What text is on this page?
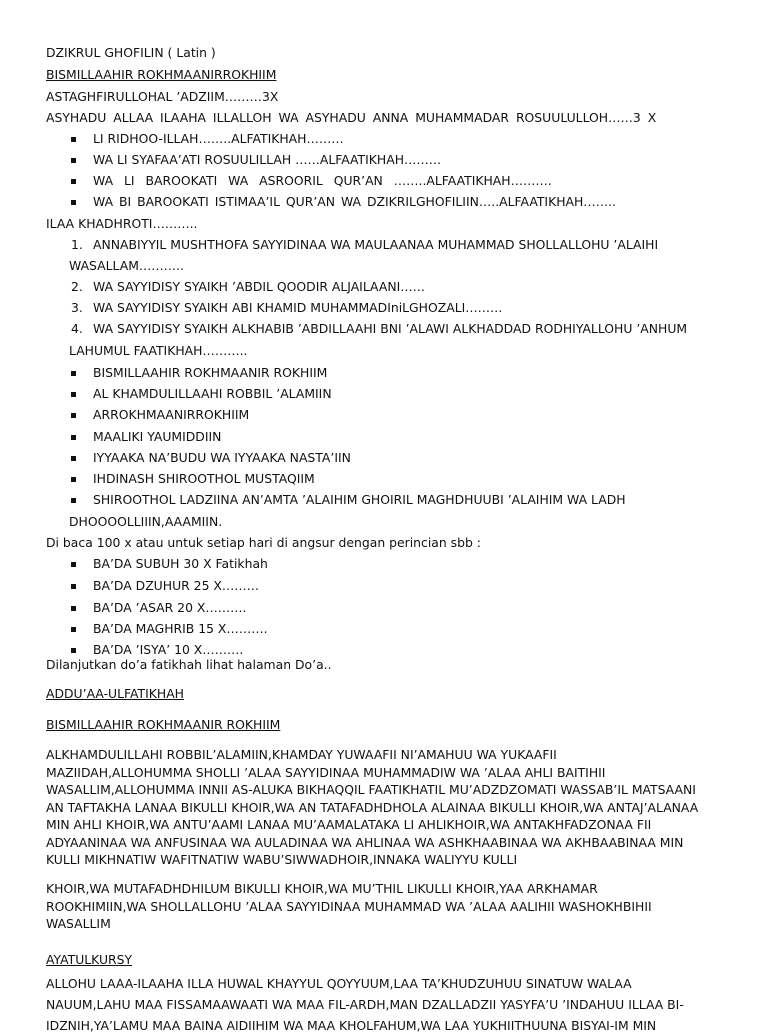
DZIKRUL GHOFILIN ( Latin )
BISMILLAAHIR ROKHMAANIRROKHIIM
ASTAGHFIRULLOHAL ’ADZIIM………3X
ASYHADU ALLAA ILAAHA ILLALLOH WA ASYHADU ANNA MUHAMMADAR ROSUULULLOH……3 X
LI RIDHOO-ILLAH……..ALFATIKHAH………
WA LI SYAFAA’ATI ROSUULILLAH ……ALFAATIKHAH………
WA LI BAROOKATI WA ASROORIL QUR’AN ……..ALFAATIKHAH……….
WA BI BAROOKATI ISTIMAA’IL QUR’AN WA DZIKRILGHOFILIIN…..ALFAATIKHAH……..
ILAA KHADHROTI………..
1. ANNABIYYIL MUSHTHOFA SAYYIDINAA WA MAULAANAA MUHAMMAD SHOLLALLOHU ’ALAIHI
WASALLAM………..
2. WA SAYYIDISY SYAIKH ’ABDIL QOODIR ALJAILAANI……
3. WA SAYYIDISY SYAIKH ABI KHAMID MUHAMMADIniLGHOZALI………
4. WA SAYYIDISY SYAIKH ALKHABIB ’ABDILLAAHI BNI ’ALAWI ALKHADDAD RODHIYALLOHU ’ANHUM
LAHUMUL FAATIKHAH………..
BISMILLAAHIR ROKHMAANIR ROKHIIM
AL KHAMDULILLAAHI ROBBIL ’ALAMIIN
ARROKHMAANIRROKHIIM
MAALIKI YAUMIDDIIN
IYYAAKA NA’BUDU WA IYYAAKA NASTA’IIN
IHDINASH SHIROOTHOL MUSTAQIIM
SHIROOTHOL LADZIINA AN’AMTA ’ALAIHIM GHOIRIL MAGHDHUUBI ’ALAIHIM WA LADH
DHOOOOLLIIIN,AAAMIIN.
Di baca 100 x atau untuk setiap hari di angsur dengan perincian sbb :
BA’DA SUBUH 30 X Fatikhah
BA’DA DZUHUR 25 X………
BA’DA ’ASAR 20 X……….
BA’DA MAGHRIB 15 X……….
BA’DA ’ISYA’ 10 X……….
Dilanjutkan do’a fatikhah lihat halaman Do’a..
ADDU’AA-ULFATIKHAH
BISMILLAAHIR ROKHMAANIR ROKHIIM
ALKHAMDULILLAHI ROBBIL’ALAMIIN,KHAMDAY YUWAAFII NI’AMAHUU WA YUKAAFII
MAZIIDAH,ALLOHUMMA SHOLLI ’ALAA SAYYIDINAA MUHAMMADIW WA ’ALAA AHLI BAITIHII
WASALLIM,ALLOHUMMA INNII AS-ALUKA BIKHAQQIL FAATIKHATIL MU’ADZDZOMATI WASSAB’IL MATSAANI
AN TAFTAKHA LANAA BIKULLI KHOIR,WA AN TATAFADHDHOLA ALAINAA BIKULLI KHOIR,WA ANTAJ’ALANAA
MIN AHLI KHOIR,WA ANTU’AAMI LANAA MU’AAMALATAKA LI AHLIKHOIR,WA ANTAKHFADZONAA FII
ADYAANINAA WA ANFUSINAA WA AULADINAA WA AHLINAA WA ASHKHAABINAA WA AKHBAABINAA MIN
KULLI MIKHNATIW WAFITNATIW WABU’SIWWADHOIR,INNAKA WALIYYU KULLI
KHOIR,WA MUTAFADHDHILUM BIKULLI KHOIR,WA MU’THIL LIKULLI KHOIR,YAA ARKHAMAR
ROOKHIMIIN,WA SHOLLALLOHU ’ALAA SAYYIDINAA MUHAMMAD WA ’ALAA AALIHII WASHOKHBIHII
WASALLIM
AYATULKURSY
ALLOHU LAAA-ILAAHA ILLA HUWAL KHAYYUL QOYYUUM,LAA TA’KHUDZUHUU SINATUW WALAA
NAUUM,LAHU MAA FISSAMAAWAATI WA MAA FIL-ARDH,MAN DZALLADZII YASYFA’U ’INDAHUU ILLAA BI-
IDZNIH,YA’LAMU MAA BAINA AIDIIHIM WA MAA KHOLFAHUM,WA LAA YUKHIITHUUNA BISYAI-IM MIN
